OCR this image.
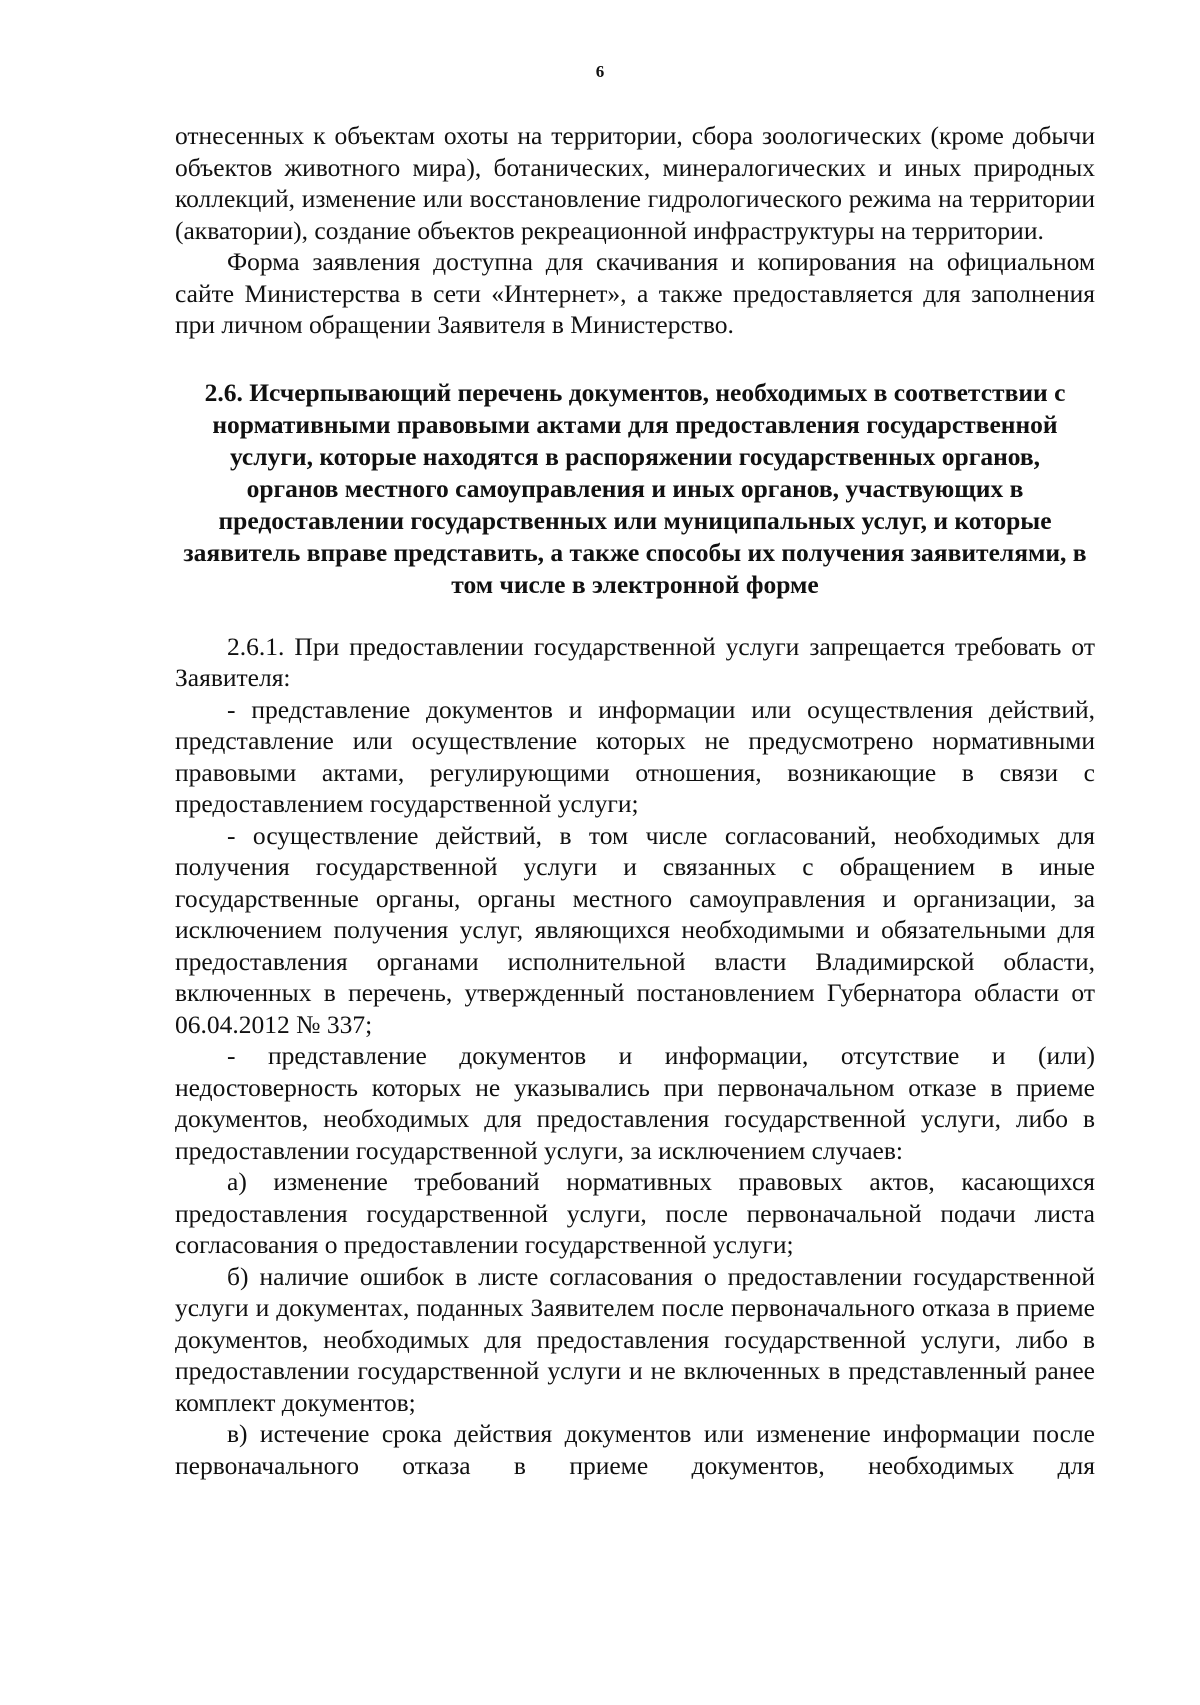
6

отнесенных к объектам охоты на территории, сбора зоологических (кроме добычи объектов животного мира), ботанических, минералогических и иных природных коллекций, изменение или восстановление гидрологического режима на территории (акватории), создание объектов рекреационной инфраструктуры на территории.

Форма заявления доступна для скачивания и копирования на официальном сайте Министерства в сети «Интернет», а также предоставляется для заполнения при личном обращении Заявителя в Министерство.

2.6. Исчерпывающий перечень документов, необходимых в соответствии с нормативными правовыми актами для предоставления государственной услуги, которые находятся в распоряжении государственных органов, органов местного самоуправления и иных органов, участвующих в предоставлении государственных или муниципальных услуг, и которые заявитель вправе представить, а также способы их получения заявителями, в том числе в электронной форме

2.6.1. При предоставлении государственной услуги запрещается требовать от Заявителя:

- представление документов и информации или осуществления действий, представление или осуществление которых не предусмотрено нормативными правовыми актами, регулирующими отношения, возникающие в связи с предоставлением государственной услуги;

- осуществление действий, в том числе согласований, необходимых для получения государственной услуги и связанных с обращением в иные государственные органы, органы местного самоуправления и организации, за исключением получения услуг, являющихся необходимыми и обязательными для предоставления органами исполнительной власти Владимирской области, включенных в перечень, утвержденный постановлением Губернатора области от 06.04.2012 № 337;

- представление документов и информации, отсутствие и (или) недостоверность которых не указывались при первоначальном отказе в приеме документов, необходимых для предоставления государственной услуги, либо в предоставлении государственной услуги, за исключением случаев:

а) изменение требований нормативных правовых актов, касающихся предоставления государственной услуги, после первоначальной подачи листа согласования о предоставлении государственной услуги;

б) наличие ошибок в листе согласования о предоставлении государственной услуги и документах, поданных Заявителем после первоначального отказа в приеме документов, необходимых для предоставления государственной услуги, либо в предоставлении государственной услуги и не включенных в представленный ранее комплект документов;

в) истечение срока действия документов или изменение информации после первоначального отказа в приеме документов, необходимых для
